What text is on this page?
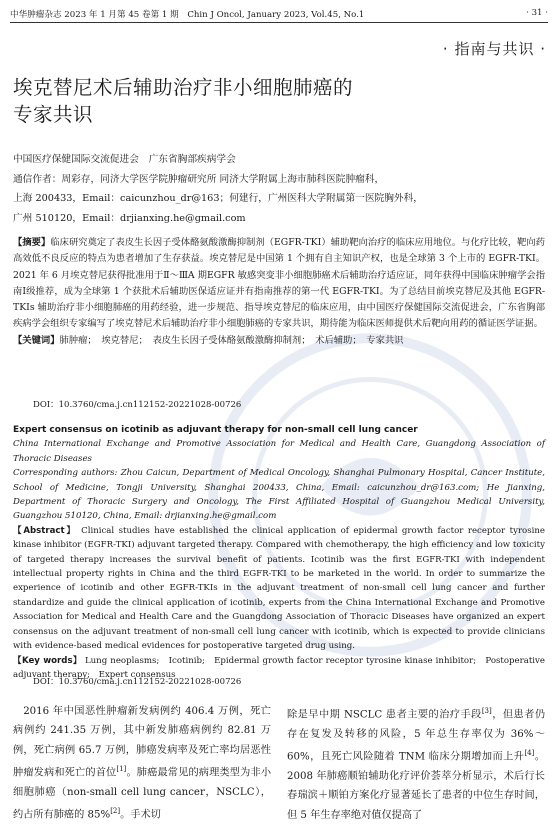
中华肿瘤杂志 2023 年 1 月第 45 卷第 1 期　Chin J Oncol, January 2023, Vol.45, No.1	· 31 ·
· 指南与共识 ·
埃克替尼术后辅助治疗非小细胞肺癌的
专家共识
中国医疗保健国际交流促进会　广东省胸部疾病学会
通信作者：周彩存，同济大学医学院肿瘤研究所 同济大学附属上海市肺科医院肿瘤科，
上海 200433，Email：caicunzhou_dr@163；何建行，广州医科大学附属第一医院胸外科，
广州 510120，Email：drjianxing.he@gmail.com

【摘要】临床研究奠定了表皮生长因子受体酪氨酸激酶抑制剂（EGFR-TKI）辅助靶向治疗的临床应用地位。与化疗比较，靶向药高效低不良反应的特点为患者增加了生存获益。埃克替尼是中国第 1 个拥有自主知识产权，也是全球第 3 个上市的 EGFR-TKI。2021 年 6 月埃克替尼获得批准用于Ⅱ～ⅢA 期EGFR 敏感突变非小细胞肺癌术后辅助治疗适应证，同年获得中国临床肿瘤学会指南Ⅰ级推荐，成为全球第 1 个获批术后辅助医保适应证并有指南推荐的第一代 EGFR-TKI。为了总结目前埃克替尼及其他 EGFR-TKIs 辅助治疗非小细胞肺癌的用药经验，进一步规范、指导埃克替尼的临床应用，由中国医疗保健国际交流促进会，广东省胸部疾病学会组织专家编写了埃克替尼术后辅助治疗非小细胞肺癌的专家共识，期待能为临床医师提供术后靶向用药的循证医学证据。

【关键词】肺肿瘤；　埃克替尼；　表皮生长因子受体酪氨酸激酶抑制剂；　术后辅助；　专家共识

DOI：10.3760/cma.j.cn112152-20221028-00726

Expert consensus on icotinib as adjuvant therapy for non-small cell lung cancer

China International Exchange and Promotive Association for Medical and Health Care, Guangdong Association of Thoracic Diseases

Corresponding authors: Zhou Caicun, Department of Medical Oncology, Shanghai Pulmonary Hospital, Cancer Institute, School of Medicine, Tongji University, Shanghai 200433, China, Email: caicunzhou_dr@163.com; He Jianxing, Department of Thoracic Surgery and Oncology, The First Affiliated Hospital of Guangzhou Medical University, Guangzhou 510120, China, Email: drjianxing.he@gmail.com

【Abstract】 Clinical studies have established the clinical application of epidermal growth factor receptor tyrosine kinase inhibitor (EGFR-TKI) adjuvant targeted therapy. Compared with chemotherapy, the high efficiency and low toxicity of targeted therapy increases the survival benefit of patients. Icotinib was the first EGFR-TKI with independent intellectual property rights in China and the third EGFR-TKI to be marketed in the world. In order to summarize the experience of icotinib and other EGFR-TKIs in the adjuvant treatment of non-small cell lung cancer and further standardize and guide the clinical application of icotinib, experts from the China International Exchange and Promotive Association for Medical and Health Care and the Guangdong Association of Thoracic Diseases have organized an expert consensus on the adjuvant treatment of non-small cell lung cancer with icotinib, which is expected to provide clinicians with evidence-based medical evidences for postoperative targeted drug using.

【Key words】 Lung neoplasms;　Icotinib;　Epidermal growth factor receptor tyrosine kinase inhibitor;　Postoperative adjuvant therapy;　Expert consensus

DOI：10.3760/cma.j.cn112152-20221028-00726

 2016 年中国恶性肿瘤新发病例约 406.4 万例，死亡病例约 241.35 万例，其中新发肺癌病例约 82.81 万例，死亡病例 65.7 万例，肺癌发病率及死亡率均居恶性肿瘤发病和死亡的首位[1]。肺癌最常见的病理类型为非小细胞肺癌（non-small cell lung cancer，NSCLC），约占所有肺癌的 85%[2]。手术切

除是早中期 NSCLC 患者主要的治疗手段[3]，但患者仍存在复发及转移的风险，5 年总生存率仅为 36%～60%，且死亡风险随着 TNM 临床分期增加而上升[4]。2008 年肺癌顺铂辅助化疗评价荟萃分析显示，术后行长春瑞滨＋顺铂方案化疗显著延长了患者的中位生存时间，但 5 年生存率绝对值仅提高了
